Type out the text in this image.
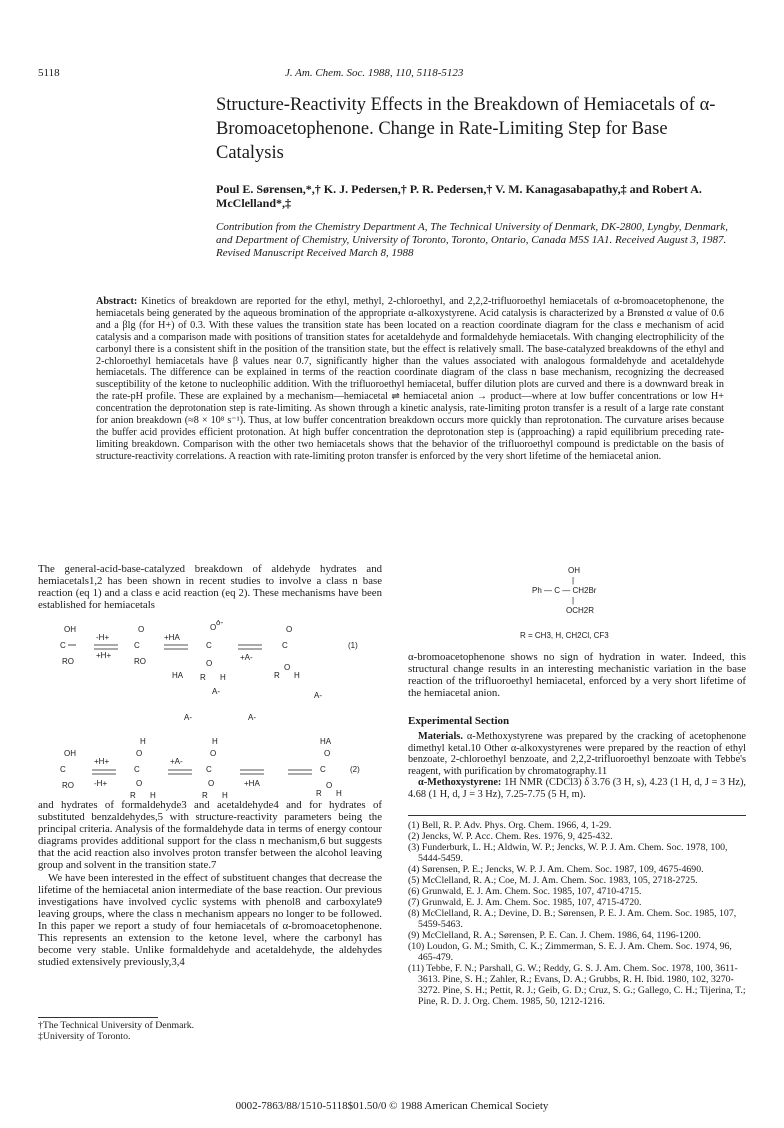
5118	J. Am. Chem. Soc. 1988, 110, 5118-5123
Structure-Reactivity Effects in the Breakdown of Hemiacetals of α-Bromoacetophenone. Change in Rate-Limiting Step for Base Catalysis
Poul E. Sørensen,*,† K. J. Pedersen,† P. R. Pedersen,† V. M. Kanagasabapathy,‡ and Robert A. McClelland*,‡
Contribution from the Chemistry Department A, The Technical University of Denmark, DK-2800, Lyngby, Denmark, and Department of Chemistry, University of Toronto, Toronto, Ontario, Canada M5S 1A1. Received August 3, 1987. Revised Manuscript Received March 8, 1988
Abstract: Kinetics of breakdown are reported for the ethyl, methyl, 2-chloroethyl, and 2,2,2-trifluoroethyl hemiacetals of α-bromoacetophenone, the hemiacetals being generated by the aqueous bromination of the appropriate α-alkoxystyrene. Acid catalysis is characterized by a Brønsted α value of 0.6 and a βlg (for H+) of 0.3. With these values the transition state has been located on a reaction coordinate diagram for the class e mechanism of acid catalysis and a comparison made with positions of transition states for acetaldehyde and formaldehyde hemiacetals. With changing electrophilicity of the carbonyl there is a consistent shift in the position of the transition state, but the effect is relatively small. The base-catalyzed breakdowns of the ethyl and 2-chloroethyl hemiacetals have β values near 0.7, significantly higher than the values associated with analogous formaldehyde and acetaldehyde hemiacetals. The difference can be explained in terms of the reaction coordinate diagram of the class n base mechanism, recognizing the decreased susceptibility of the ketone to nucleophilic addition. With the trifluoroethyl hemiacetal, buffer dilution plots are curved and there is a downward break in the rate-pH profile. These are explained by a mechanism—hemiacetal ⇌ hemiacetal anion → product—where at low buffer concentrations or low H+ concentration the deprotonation step is rate-limiting. As shown through a kinetic analysis, rate-limiting proton transfer is a result of a large rate constant for anion breakdown (≈8 × 10⁸ s⁻¹). Thus, at low buffer concentration breakdown occurs more quickly than reprotonation. The curvature arises because the buffer acid provides efficient protonation. At high buffer concentration the deprotonation step is (approaching) a rapid equilibrium preceding rate-limiting breakdown. Comparison with the other two hemiacetals shows that the behavior of the trifluoroethyl compound is predictable on the basis of structure-reactivity correlations. A reaction with rate-limiting proton transfer is enforced by the very short lifetime of the hemiacetal anion.
The general-acid-base-catalyzed breakdown of aldehyde hydrates and hemiacetals1,2 has been shown in recent studies to involve a class n base reaction (eq 1) and a class e acid reaction (eq 2). These mechanisms have been established for hemiacetals
OH
C
RO
-H+
+H+
O
C
RO
+HA
HA
O
δ-
C
O
R H
A-
+A-
O
C
R
O
H
A-
(1)
A-	A-
OH
C
RO
+H+
-H+
H
O
C
O
R H
+A-
H
O
C
O
R H
+HA
HA
O
C
R
O
H
(2)

and hydrates of formaldehyde3 and acetaldehyde4 and for hydrates of substituted benzaldehydes,5 with structure-reactivity parameters being the principal criteria. Analysis of the formaldehyde data in terms of energy contour diagrams provides additional support for the class n mechanism,6 but suggests that the acid reaction also involves proton transfer between the alcohol leaving group and solvent in the transition state.7

We have been interested in the effect of substituent changes that decrease the lifetime of the hemiacetal anion intermediate of the base reaction. Our previous investigations have involved cyclic systems with phenol8 and carboxylate9 leaving groups, where the class n mechanism appears no longer to be followed. In this paper we report a study of four hemiacetals of α-bromoacetophenone. This represents an extension to the ketone level, where the carbonyl has become very stable. Unlike formaldehyde and acetaldehyde, the aldehydes studied extensively previously,3,4

†The Technical University of Denmark.
‡University of Toronto.
OH
|
Ph — C — CH2Br
|
OCH2R
R = CH3, H, CH2Cl, CF3
α-bromoacetophenone shows no sign of hydration in water. Indeed, this structural change results in an interesting mechanistic variation in the base reaction of the trifluoroethyl hemiacetal, enforced by a very short lifetime of the hemiacetal anion.
Experimental Section

Materials. α-Methoxystyrene was prepared by the cracking of acetophenone dimethyl ketal.10 Other α-alkoxystyrenes were prepared by the reaction of ethyl benzoate, 2-chloroethyl benzoate, and 2,2,2-trifluoroethyl benzoate with Tebbe's reagent, with purification by chromatography.11

α-Methoxystyrene: 1H NMR (CDCl3) δ 3.76 (3 H, s), 4.23 (1 H, d, J = 3 Hz), 4.68 (1 H, d, J = 3 Hz), 7.25-7.75 (5 H, m).

(1) Bell, R. P. Adv. Phys. Org. Chem. 1966, 4, 1-29.
(2) Jencks, W. P. Acc. Chem. Res. 1976, 9, 425-432.
(3) Funderburk, L. H.; Aldwin, W. P.; Jencks, W. P. J. Am. Chem. Soc. 1978, 100, 5444-5459.
(4) Sørensen, P. E.; Jencks, W. P. J. Am. Chem. Soc. 1987, 109, 4675-4690.
(5) McClelland, R. A.; Coe, M. J. Am. Chem. Soc. 1983, 105, 2718-2725.
(6) Grunwald, E. J. Am. Chem. Soc. 1985, 107, 4710-4715.
(7) Grunwald, E. J. Am. Chem. Soc. 1985, 107, 4715-4720.
(8) McClelland, R. A.; Devine, D. B.; Sørensen, P. E. J. Am. Chem. Soc. 1985, 107, 5459-5463.
(9) McClelland, R. A.; Sørensen, P. E. Can. J. Chem. 1986, 64, 1196-1200.
(10) Loudon, G. M.; Smith, C. K.; Zimmerman, S. E. J. Am. Chem. Soc. 1974, 96, 465-479.
(11) Tebbe, F. N.; Parshall, G. W.; Reddy, G. S. J. Am. Chem. Soc. 1978, 100, 3611-3613. Pine, S. H.; Zahler, R.; Evans, D. A.; Grubbs, R. H. Ibid. 1980, 102, 3270-3272. Pine, S. H.; Pettit, R. J.; Geib, G. D.; Cruz, S. G.; Gallego, C. H.; Tijerina, T.; Pine, R. D. J. Org. Chem. 1985, 50, 1212-1216.
0002-7863/88/1510-5118$01.50/0 © 1988 American Chemical Society
